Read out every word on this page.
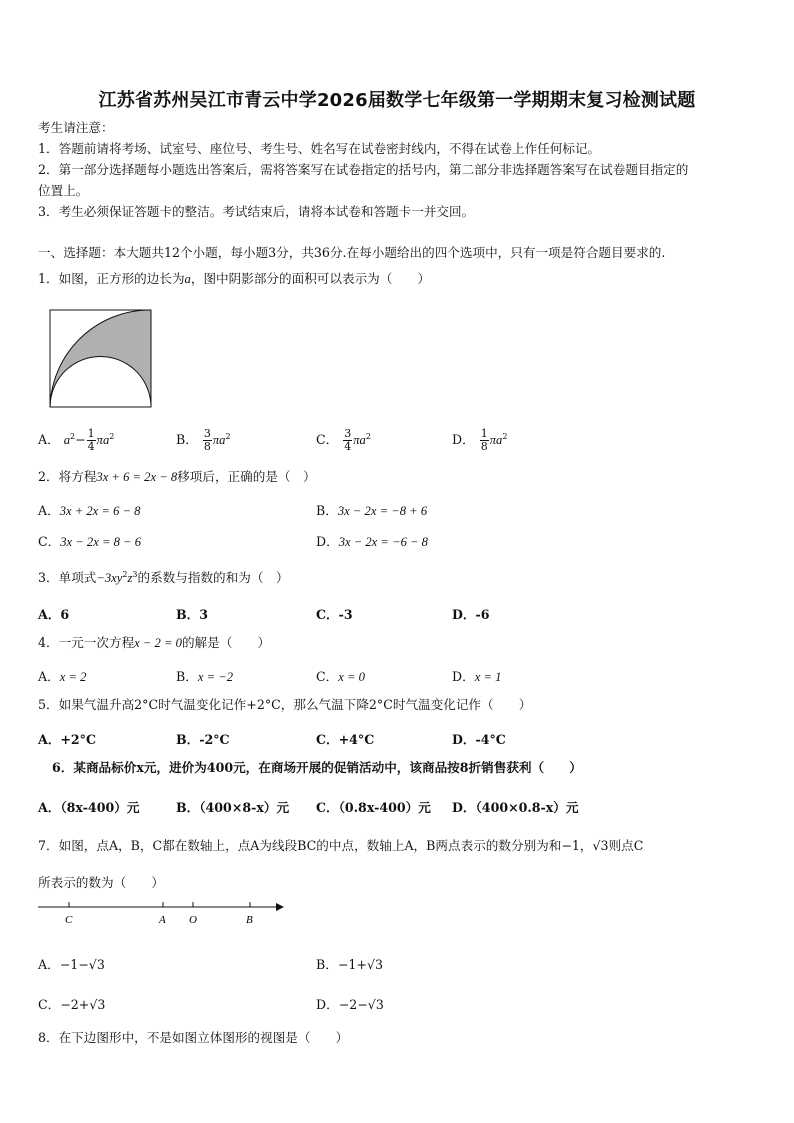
江苏省苏州吴江市青云中学2026届数学七年级第一学期期末复习检测试题
考生请注意：
1．答题前请将考场、试室号、座位号、考生号、姓名写在试卷密封线内，不得在试卷上作任何标记。
2．第一部分选择题每小题选出答案后，需将答案写在试卷指定的括号内，第二部分非选择题答案写在试卷题目指定的
位置上。
3．考生必须保证答题卡的整洁。考试结束后，请将本试卷和答题卡一并交回。
一、选择题：本大题共12个小题，每小题3分，共36分.在每小题给出的四个选项中，只有一项是符合题目要求的.
1．如图，正方形的边长为a，图中阴影部分的面积可以表示为（　　）
A． $a^2- \frac{1}{4} \pi a^2$	B． $\frac{3}{8} \pi a^2$	C． $\frac{3}{4} \pi a^2$	D． $\frac{1}{8} \pi a^2$
2．将方程3x + 6 = 2x − 8移项后，正确的是（　）
A．3x + 2x = 6 − 8	B．3x − 2x = −8 + 6
C．3x − 2x = 8 − 6	D．3x − 2x = −6 − 8
3．单项式$-3xy^2z^3$的系数与指数的和为（　）
A．6	B．3	C．-3	D．-6
4．一元一次方程x − 2 = 0的解是（　　）
A．x = 2	B．x = −2	C．x = 0	D．x = 1
5．如果气温升高2°C时气温变化记作+2°C，那么气温下降2°C时气温变化记作（　　）
A．+2°C	B．-2°C	C．+4°C	D．-4°C
6．某商品标价x元，进价为400元，在商场开展的促销活动中，该商品按8折销售获利（　　）
A．（8x-400）元	B．（400×8-x）元 C．（0.8x-400）元 D．（400×0.8-x）元
7．如图，点A，B，C都在数轴上，点A为线段BC的中点，数轴上A，B两点表示的数分别为和−1，√3则点C
所表示的数为（　　）
C	A O	B
A．−1−√3	B．−1+√3
C．−2+√3	D．−2−√3
8．在下边图形中，不是如图立体图形的视图是（　　）
